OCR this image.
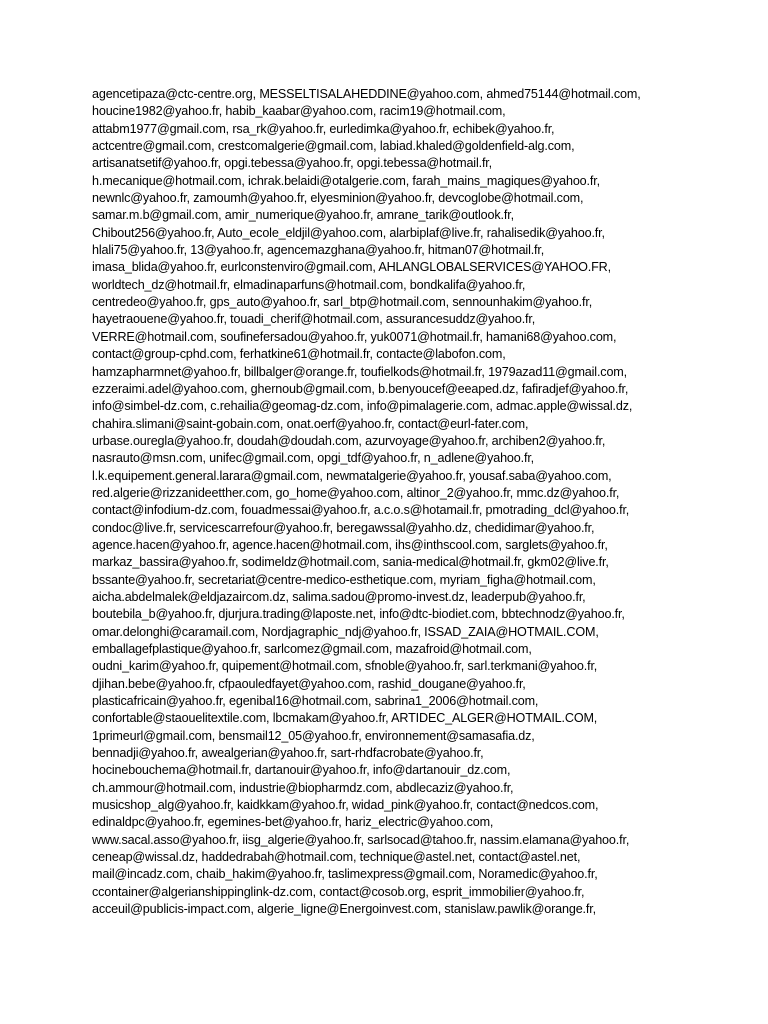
agencetipaza@ctc-centre.org, MESSELTISALAHEDDINE@yahoo.com, ahmed75144@hotmail.com,
houcine1982@yahoo.fr, habib_kaabar@yahoo.com, racim19@hotmail.com,
attabm1977@gmail.com, rsa_rk@yahoo.fr, eurledimka@yahoo.fr, echibek@yahoo.fr,
actcentre@gmail.com, crestcomalgerie@gmail.com, labiad.khaled@goldenfield-alg.com,
artisanatsetif@yahoo.fr, opgi.tebessa@yahoo.fr, opgi.tebessa@hotmail.fr,
h.mecanique@hotmail.com, ichrak.belaidi@otalgerie.com, farah_mains_magiques@yahoo.fr,
newnlc@yahoo.fr, zamoumh@yahoo.fr, elyesminion@yahoo.fr, devcoglobe@hotmail.com,
samar.m.b@gmail.com, amir_numerique@yahoo.fr, amrane_tarik@outlook.fr,
Chibout256@yahoo.fr, Auto_ecole_eldjil@yahoo.com, alarbiplaf@live.fr, rahalisedik@yahoo.fr,
hlali75@yahoo.fr, 13@yahoo.fr, agencemazghana@yahoo.fr, hitman07@hotmail.fr,
imasa_blida@yahoo.fr, eurlconstenviro@gmail.com, AHLANGLOBALSERVICES@YAHOO.FR,
worldtech_dz@hotmail.fr, elmadinaparfuns@hotmail.com, bondkalifa@yahoo.fr,
centredeo@yahoo.fr, gps_auto@yahoo.fr, sarl_btp@hotmail.com, sennounhakim@yahoo.fr,
hayetraouene@yahoo.fr, touadi_cherif@hotmail.com, assurancesuddz@yahoo.fr,
VERRE@hotmail.com, soufinefersadou@yahoo.fr, yuk0071@hotmail.fr, hamani68@yahoo.com,
contact@group-cphd.com, ferhatkine61@hotmail.fr, contacte@labofon.com,
hamzapharmnet@yahoo.fr, billbalger@orange.fr, toufielkods@hotmail.fr, 1979azad11@gmail.com,
ezzeraimi.adel@yahoo.com, ghernoub@gmail.com, b.benyoucef@eeaped.dz, fafiradjef@yahoo.fr,
info@simbel-dz.com, c.rehailia@geomag-dz.com, info@pimalagerie.com, admac.apple@wissal.dz,
chahira.slimani@saint-gobain.com, onat.oerf@yahoo.fr, contact@eurl-fater.com,
urbase.ouregla@yahoo.fr, doudah@doudah.com, azurvoyage@yahoo.fr, archiben2@yahoo.fr,
nasrauto@msn.com, unifec@gmail.com, opgi_tdf@yahoo.fr, n_adlene@yahoo.fr,
l.k.equipement.general.larara@gmail.com, newmatalgerie@yahoo.fr, yousaf.saba@yahoo.com,
red.algerie@rizzanideetther.com, go_home@yahoo.com, altinor_2@yahoo.fr, mmc.dz@yahoo.fr,
contact@infodium-dz.com, fouadmessai@yahoo.fr, a.c.o.s@hotamail.fr, pmotrading_dcl@yahoo.fr,
condoc@live.fr, servicescarrefour@yahoo.fr, beregawssal@yahho.dz, chedidimar@yahoo.fr,
agence.hacen@yahoo.fr, agence.hacen@hotmail.com, ihs@inthscool.com, sarglets@yahoo.fr,
markaz_bassira@yahoo.fr, sodimeldz@hotmail.com, sania-medical@hotmail.fr, gkm02@live.fr,
bssante@yahoo.fr, secretariat@centre-medico-esthetique.com, myriam_figha@hotmail.com,
aicha.abdelmalek@eldjazaircom.dz, salima.sadou@promo-invest.dz, leaderpub@yahoo.fr,
boutebila_b@yahoo.fr, djurjura.trading@laposte.net, info@dtc-biodiet.com, bbtechnodz@yahoo.fr,
omar.delonghi@caramail.com, Nordjagraphic_ndj@yahoo.fr, ISSAD_ZAIA@HOTMAIL.COM,
emballagefplastique@yahoo.fr, sarlcomez@gmail.com, mazafroid@hotmail.com,
oudni_karim@yahoo.fr, quipement@hotmail.com, sfnoble@yahoo.fr, sarl.terkmani@yahoo.fr,
djihan.bebe@yahoo.fr, cfpaouledfayet@yahoo.com, rashid_dougane@yahoo.fr,
plasticafricain@yahoo.fr, egenibal16@hotmail.com, sabrina1_2006@hotmail.com,
confortable@staouelitextile.com, lbcmakam@yahoo.fr, ARTIDEC_ALGER@HOTMAIL.COM,
1primeurl@gmail.com, bensmail12_05@yahoo.fr, environnement@samasafia.dz,
bennadji@yahoo.fr, awealgerian@yahoo.fr, sart-rhdfacrobate@yahoo.fr,
hocinebouchema@hotmail.fr, dartanouir@yahoo.fr, info@dartanouir_dz.com,
ch.ammour@hotmail.com, industrie@biopharmdz.com, abdlecaziz@yahoo.fr,
musicshop_alg@yahoo.fr, kaidkkam@yahoo.fr, widad_pink@yahoo.fr, contact@nedcos.com,
edinaldpc@yahoo.fr, egemines-bet@yahoo.fr, hariz_electric@yahoo.com,
www.sacal.asso@yahoo.fr, iisg_algerie@yahoo.fr, sarlsocad@tahoo.fr, nassim.elamana@yahoo.fr,
ceneap@wissal.dz, haddedrabah@hotmail.com, technique@astel.net, contact@astel.net,
mail@incadz.com, chaib_hakim@yahoo.fr, taslimexpress@gmail.com, Noramedic@yahoo.fr,
ccontainer@algerianshippinglink-dz.com, contact@cosob.org, esprit_immobilier@yahoo.fr,
acceuil@publicis-impact.com, algerie_ligne@Energoinvest.com, stanislaw.pawlik@orange.fr,
